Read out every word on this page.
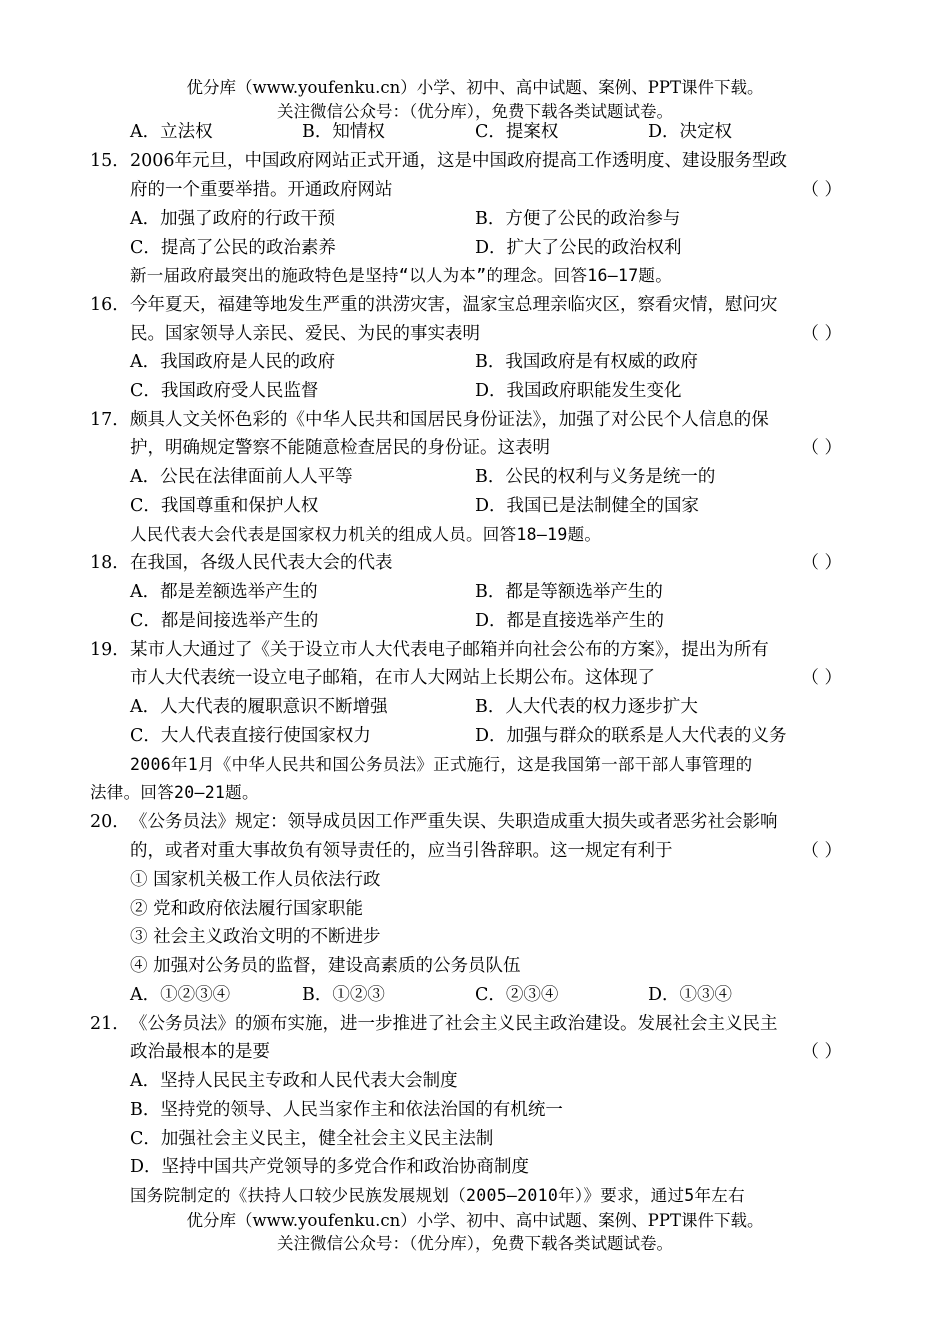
优分库（www.youfenku.cn）小学、初中、高中试题、案例、PPT课件下载。
关注微信公众号：（优分库），免费下载各类试题试卷。
A．立法权	B．知情权	C．提案权	D．决定权
15．2006年元旦，中国政府网站正式开通，这是中国政府提高工作透明度、建设服务型政
府的一个重要举措。开通政府网站	（ ）
A．加强了政府的行政干预	B．方便了公民的政治参与
C．提高了公民的政治素养	D．扩大了公民的政治权利
新一届政府最突出的施政特色是坚持“以人为本”的理念。回答16—17题。
16．今年夏天，福建等地发生严重的洪涝灾害，温家宝总理亲临灾区，察看灾情，慰问灾
民。国家领导人亲民、爱民、为民的事实表明	（ ）
A．我国政府是人民的政府	B．我国政府是有权威的政府
C．我国政府受人民监督	D．我国政府职能发生变化
17．颇具人文关怀色彩的《中华人民共和国居民身份证法》，加强了对公民个人信息的保
护，明确规定警察不能随意检查居民的身份证。这表明	（ ）
A．公民在法律面前人人平等	B．公民的权利与义务是统一的
C．我国尊重和保护人权	D．我国已是法制健全的国家
人民代表大会代表是国家权力机关的组成人员。回答18—19题。
18．在我国，各级人民代表大会的代表	（ ）
A．都是差额选举产生的	B．都是等额选举产生的
C．都是间接选举产生的	D．都是直接选举产生的
19．某市人大通过了《关于设立市人大代表电子邮箱并向社会公布的方案》，提出为所有
市人大代表统一设立电子邮箱，在市人大网站上长期公布。这体现了	（ ）
A．人大代表的履职意识不断增强	B．人大代表的权力逐步扩大
C．大人代表直接行使国家权力	D．加强与群众的联系是人大代表的义务
2006年1月《中华人民共和国公务员法》正式施行，这是我国第一部干部人事管理的
法律。回答20—21题。
20．《公务员法》规定：领导成员因工作严重失误、失职造成重大损失或者恶劣社会影响
的，或者对重大事故负有领导责任的，应当引咎辞职。这一规定有利于	（ ）
① 国家机关极工作人员依法行政
② 党和政府依法履行国家职能
③ 社会主义政治文明的不断进步
④ 加强对公务员的监督，建设高素质的公务员队伍
A．①②③④	B．①②③	C．②③④	D．①③④
21．《公务员法》的颁布实施，进一步推进了社会主义民主政治建设。发展社会主义民主
政治最根本的是要	（ ）
A．坚持人民民主专政和人民代表大会制度
B．坚持党的领导、人民当家作主和依法治国的有机统一
C．加强社会主义民主，健全社会主义民主法制
D．坚持中国共产党领导的多党合作和政治协商制度
国务院制定的《扶持人口较少民族发展规划（2005—2010年）》要求，通过5年左右
优分库（www.youfenku.cn）小学、初中、高中试题、案例、PPT课件下载。
关注微信公众号：（优分库），免费下载各类试题试卷。
